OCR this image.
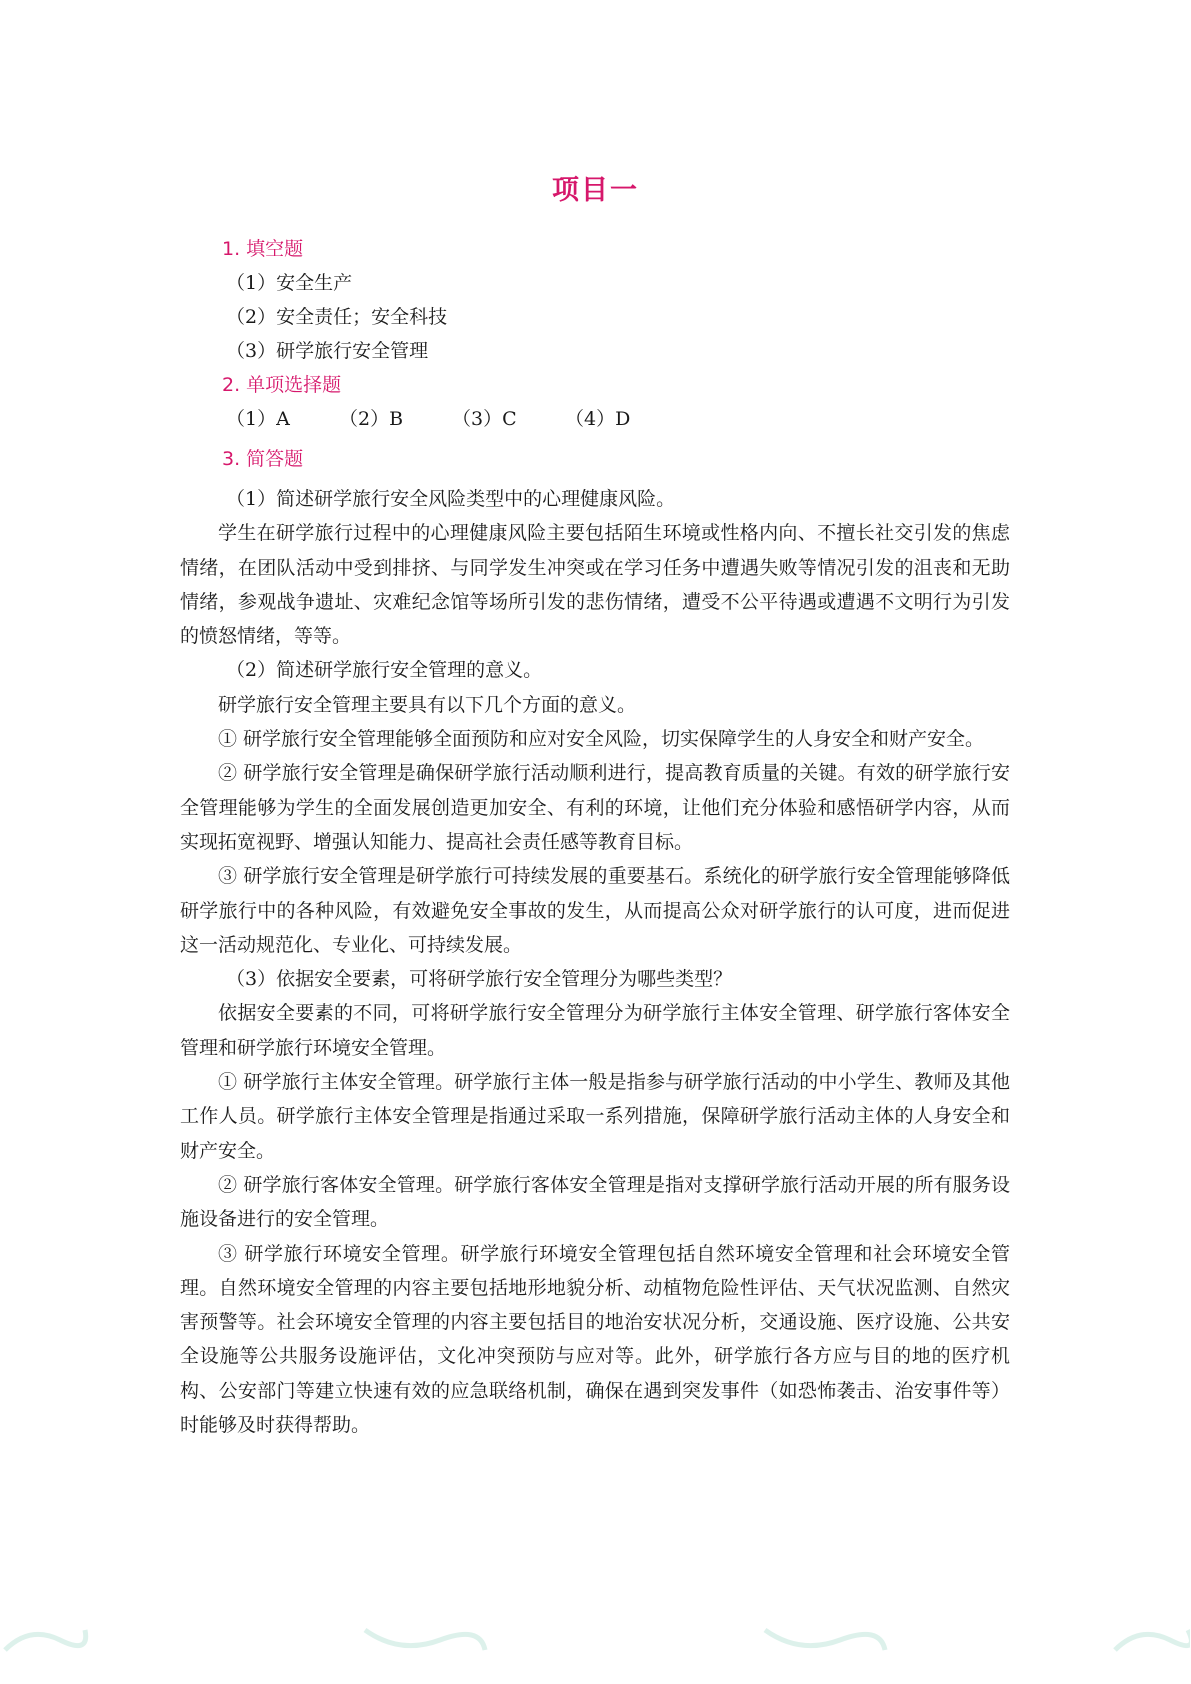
项目一
1. 填空题
（1）安全生产
（2）安全责任；安全科技
（3）研学旅行安全管理
2. 单项选择题
（1）A	（2）B	（3）C	（4）D
3. 简答题
（1）简述研学旅行安全风险类型中的心理健康风险。

学生在研学旅行过程中的心理健康风险主要包括陌生环境或性格内向、不擅长社交引发的焦虑情绪，在团队活动中受到排挤、与同学发生冲突或在学习任务中遭遇失败等情况引发的沮丧和无助情绪，参观战争遗址、灾难纪念馆等场所引发的悲伤情绪，遭受不公平待遇或遭遇不文明行为引发的愤怒情绪，等等。

（2）简述研学旅行安全管理的意义。

研学旅行安全管理主要具有以下几个方面的意义。

① 研学旅行安全管理能够全面预防和应对安全风险，切实保障学生的人身安全和财产安全。

② 研学旅行安全管理是确保研学旅行活动顺利进行，提高教育质量的关键。有效的研学旅行安全管理能够为学生的全面发展创造更加安全、有利的环境，让他们充分体验和感悟研学内容，从而实现拓宽视野、增强认知能力、提高社会责任感等教育目标。

③ 研学旅行安全管理是研学旅行可持续发展的重要基石。系统化的研学旅行安全管理能够降低研学旅行中的各种风险，有效避免安全事故的发生，从而提高公众对研学旅行的认可度，进而促进这一活动规范化、专业化、可持续发展。

（3）依据安全要素，可将研学旅行安全管理分为哪些类型？

依据安全要素的不同，可将研学旅行安全管理分为研学旅行主体安全管理、研学旅行客体安全管理和研学旅行环境安全管理。

① 研学旅行主体安全管理。研学旅行主体一般是指参与研学旅行活动的中小学生、教师及其他工作人员。研学旅行主体安全管理是指通过采取一系列措施，保障研学旅行活动主体的人身安全和财产安全。

② 研学旅行客体安全管理。研学旅行客体安全管理是指对支撑研学旅行活动开展的所有服务设施设备进行的安全管理。

③ 研学旅行环境安全管理。研学旅行环境安全管理包括自然环境安全管理和社会环境安全管理。自然环境安全管理的内容主要包括地形地貌分析、动植物危险性评估、天气状况监测、自然灾害预警等。社会环境安全管理的内容主要包括目的地治安状况分析，交通设施、医疗设施、公共安全设施等公共服务设施评估，文化冲突预防与应对等。此外，研学旅行各方应与目的地的医疗机构、公安部门等建立快速有效的应急联络机制，确保在遇到突发事件（如恐怖袭击、治安事件等）时能够及时获得帮助。
